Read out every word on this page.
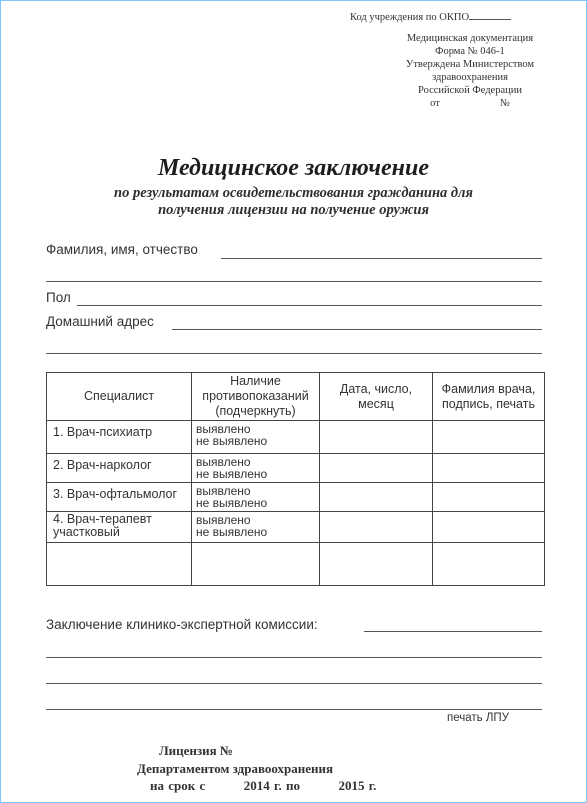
Код учреждения по ОКПО
Медицинская документация
Форма № 046-1
Утверждена Министерством
здравоохранения
Российской Федерации
от	№
Медицинское заключение
по результатам освидетельствования гражданина для
получения лицензии на получение оружия
Фамилия, имя, отчество
Пол
Домашний адрес
Специалист	Наличие противопоказаний (подчеркнуть)	Дата, число, месяц	Фамилия врача, подпись, печать
1. Врач-психиатр	выявлено
не выявлено		

2. Врач-нарколог	выявлено
не выявлено		

3. Врач-офтальмолог	выявлено
не выявлено		

4. Врач-терапевт участковый	выявлено
не выявлено		

Заключение клинико-экспертной комиссии:
печать ЛПУ
Лицензия №
Департаментом здравоохранения
на срок с	2014 г. по	2015 г.
